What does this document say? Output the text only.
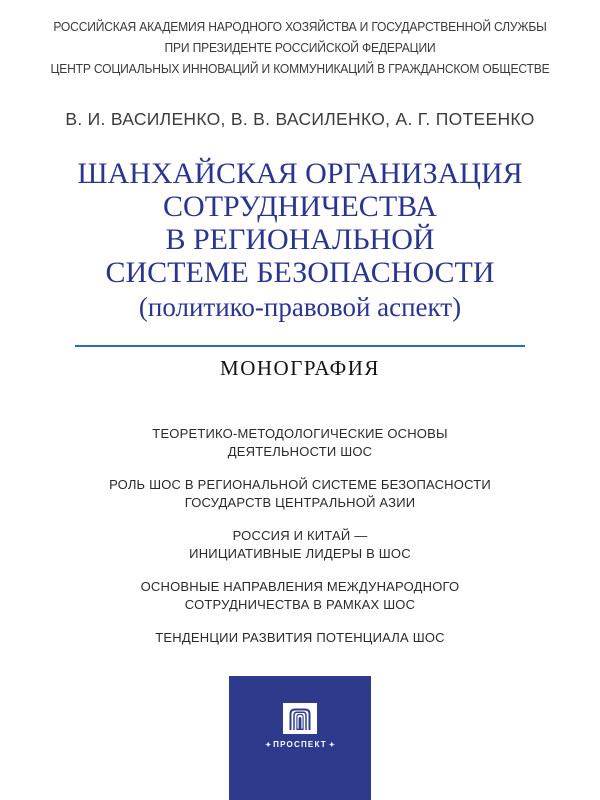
РОССИЙСКАЯ АКАДЕМИЯ НАРОДНОГО ХОЗЯЙСТВА И ГОСУДАРСТВЕННОЙ СЛУЖБЫ
ПРИ ПРЕЗИДЕНТЕ РОССИЙСКОЙ ФЕДЕРАЦИИ
ЦЕНТР СОЦИАЛЬНЫХ ИННОВАЦИЙ И КОММУНИКАЦИЙ В ГРАЖДАНСКОМ ОБЩЕСТВЕ
В. И. ВАСИЛЕНКО, В. В. ВАСИЛЕНКО, А. Г. ПОТЕЕНКО
ШАНХАЙСКАЯ ОРГАНИЗАЦИЯ
СОТРУДНИЧЕСТВА
В РЕГИОНАЛЬНОЙ
СИСТЕМЕ БЕЗОПАСНОСТИ
(политико-правовой аспект)
МОНОГРАФИЯ
ТЕОРЕТИКО-МЕТОДОЛОГИЧЕСКИЕ ОСНОВЫ
ДЕЯТЕЛЬНОСТИ ШОС
РОЛЬ ШОС В РЕГИОНАЛЬНОЙ СИСТЕМЕ БЕЗОПАСНОСТИ
ГОСУДАРСТВ ЦЕНТРАЛЬНОЙ АЗИИ
РОССИЯ И КИТАЙ —
ИНИЦИАТИВНЫЕ ЛИДЕРЫ В ШОС
ОСНОВНЫЕ НАПРАВЛЕНИЯ МЕЖДУНАРОДНОГО
СОТРУДНИЧЕСТВА В РАМКАХ ШОС
ТЕНДЕНЦИИ РАЗВИТИЯ ПОТЕНЦИАЛА ШОС
✦ ПРОСПЕКТ ✦
